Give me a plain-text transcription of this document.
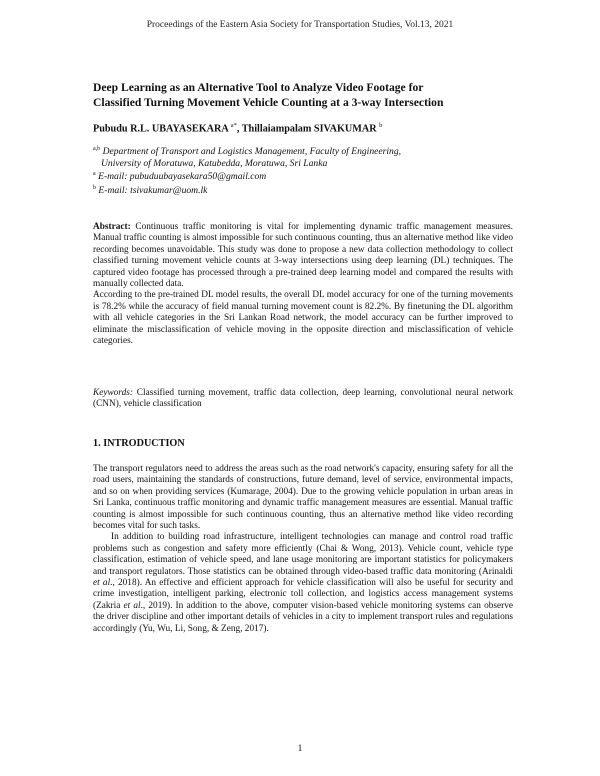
Proceedings of the Eastern Asia Society for Transportation Studies, Vol.13, 2021
Deep Learning as an Alternative Tool to Analyze Video Footage for
Classified Turning Movement Vehicle Counting at a 3-way Intersection
Pubudu R.L. UBAYASEKARA $^{a*}$, Thillaiampalam SIVAKUMAR $^b$
$^{a,b}$ Department of Transport and Logistics Management, Faculty of Engineering,
University of Moratuwa, Katubedda, Moratuwa, Sri Lanka
$^a$ E-mail: pubuduubayasekara50@gmail.com
$^b$ E-mail: tsivakumar@uom.lk

Abstract: Continuous traffic monitoring is vital for implementing dynamic traffic management measures. Manual traffic counting is almost impossible for such continuous counting, thus an alternative method like video recording becomes unavoidable. This study was done to propose a new data collection methodology to collect classified turning movement vehicle counts at 3-way intersections using deep learning (DL) techniques. The captured video footage has processed through a pre-trained deep learning model and compared the results with manually collected data.

According to the pre-trained DL model results, the overall DL model accuracy for one of the turning movements is 78.2% while the accuracy of field manual turning movement count is 82.2%. By finetuning the DL algorithm with all vehicle categories in the Sri Lankan Road network, the model accuracy can be further improved to eliminate the misclassification of vehicle moving in the opposite direction and misclassification of vehicle categories.

Keywords: Classified turning movement, traffic data collection, deep learning, convolutional neural network (CNN), vehicle classification

1. INTRODUCTION

The transport regulators need to address the areas such as the road network's capacity, ensuring safety for all the road users, maintaining the standards of constructions, future demand, level of service, environmental impacts, and so on when providing services (Kumarage, 2004). Due to the growing vehicle population in urban areas in Sri Lanka, continuous traffic monitoring and dynamic traffic management measures are essential. Manual traffic counting is almost impossible for such continuous counting, thus an alternative method like video recording becomes vital for such tasks.

In addition to building road infrastructure, intelligent technologies can manage and control road traffic problems such as congestion and safety more efficiently (Chai & Wong, 2013). Vehicle count, vehicle type classification, estimation of vehicle speed, and lane usage monitoring are important statistics for policymakers and transport regulators. Those statistics can be obtained through video-based traffic data monitoring (Arinaldi et al., 2018). An effective and efficient approach for vehicle classification will also be useful for security and crime investigation, intelligent parking, electronic toll collection, and logistics access management systems (Zakria et al., 2019). In addition to the above, computer vision-based vehicle monitoring systems can observe the driver discipline and other important details of vehicles in a city to implement transport rules and regulations accordingly (Yu, Wu, Li, Song, & Zeng, 2017).

1
